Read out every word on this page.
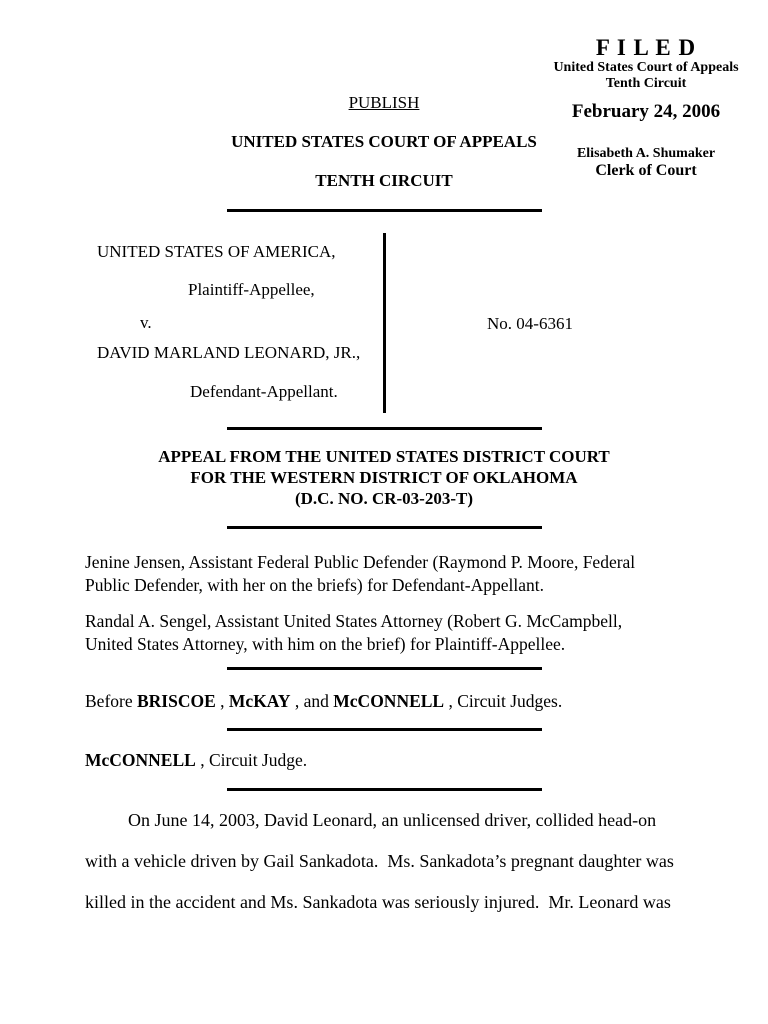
F I L E D
United States Court of Appeals
Tenth Circuit
February 24, 2006
Elisabeth A. Shumaker
Clerk of Court
PUBLISH
UNITED STATES COURT OF APPEALS
TENTH CIRCUIT
UNITED STATES OF AMERICA,
Plaintiff-Appellee,
v.
DAVID MARLAND LEONARD, JR.,
Defendant-Appellant.
No. 04-6361
APPEAL FROM THE UNITED STATES DISTRICT COURT
FOR THE WESTERN DISTRICT OF OKLAHOMA
(D.C. NO. CR-03-203-T)
Jenine Jensen, Assistant Federal Public Defender (Raymond P. Moore, Federal
Public Defender, with her on the briefs) for Defendant-Appellant.
Randal A. Sengel, Assistant United States Attorney (Robert G. McCampbell,
United States Attorney, with him on the brief) for Plaintiff-Appellee.
Before BRISCOE , McKAY , and McCONNELL , Circuit Judges.
McCONNELL , Circuit Judge.
On June 14, 2003, David Leonard, an unlicensed driver, collided head-on
with a vehicle driven by Gail Sankadota.  Ms. Sankadota’s pregnant daughter was
killed in the accident and Ms. Sankadota was seriously injured.  Mr. Leonard was
